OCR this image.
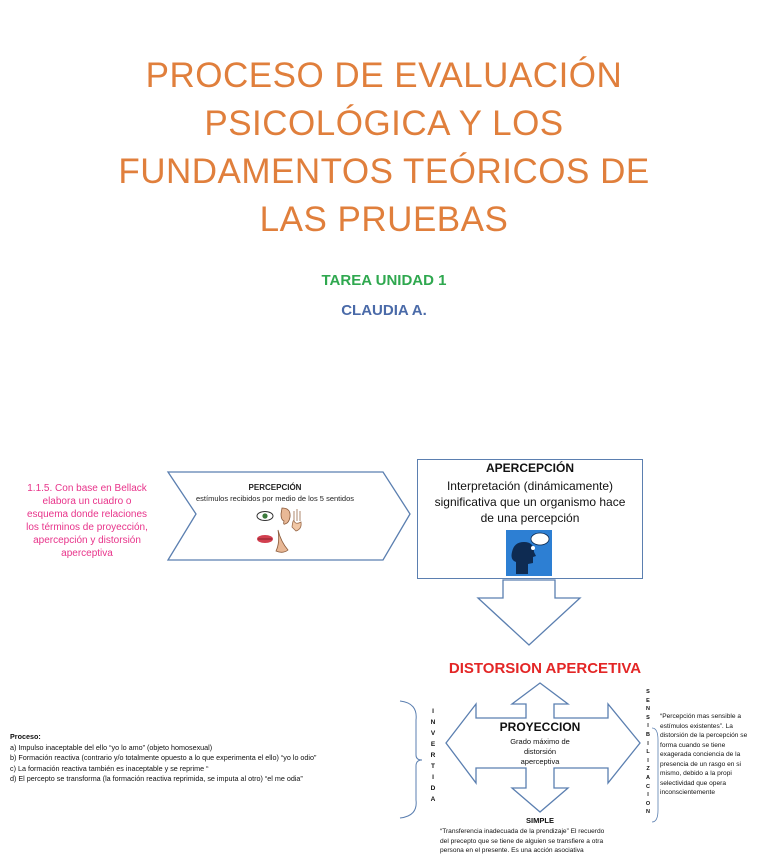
PROCESO DE EVALUACIÓN
PSICOLÓGICA Y LOS
FUNDAMENTOS TEÓRICOS DE
LAS PRUEBAS
TAREA UNIDAD 1
CLAUDIA A.
1.1.5. Con base en Bellack
elabora un cuadro o
esquema donde relaciones
los términos de proyección,
apercepción y distorsión
aperceptiva
PERCEPCIÓN
estímulos recibidos por medio de los 5 sentidos
APERCEPCIÓN
Interpretación (dinámicamente)
significativa que un organismo hace
de una percepción
DISTORSION APERCETIVA
Proceso:
a) Impulso inaceptable del ello “yo lo amo” (objeto homosexual)
b) Formación reactiva (contrario y/o totalmente opuesto a lo que experimenta el ello) “yo lo odio”
c) La formación reactiva también es inaceptable y se reprime “
d) El percepto se transforma (la formación reactiva reprimida, se imputa al otro) “el me odia”
I
N
V
E
R
T
I
D
A
PROYECCION
Grado máximo de
distorsión
aperceptiva
S
E
N
S
I
B
I
L
I
Z
A
C
I
O
N
“Percepción mas sensible a
estímulos existentes”. La
distorsión de la percepción se
forma cuando se tiene
exagerada conciencia de la
presencia de un rasgo en si
mismo, debido a la propi
selectividad que opera
inconscientemente
SIMPLE
“Transferencia inadecuada de la prendizaje” El recuerdo
del precepto que se tiene de alguien se transfiere a otra
persona en el presente. Es una acción asociativa
